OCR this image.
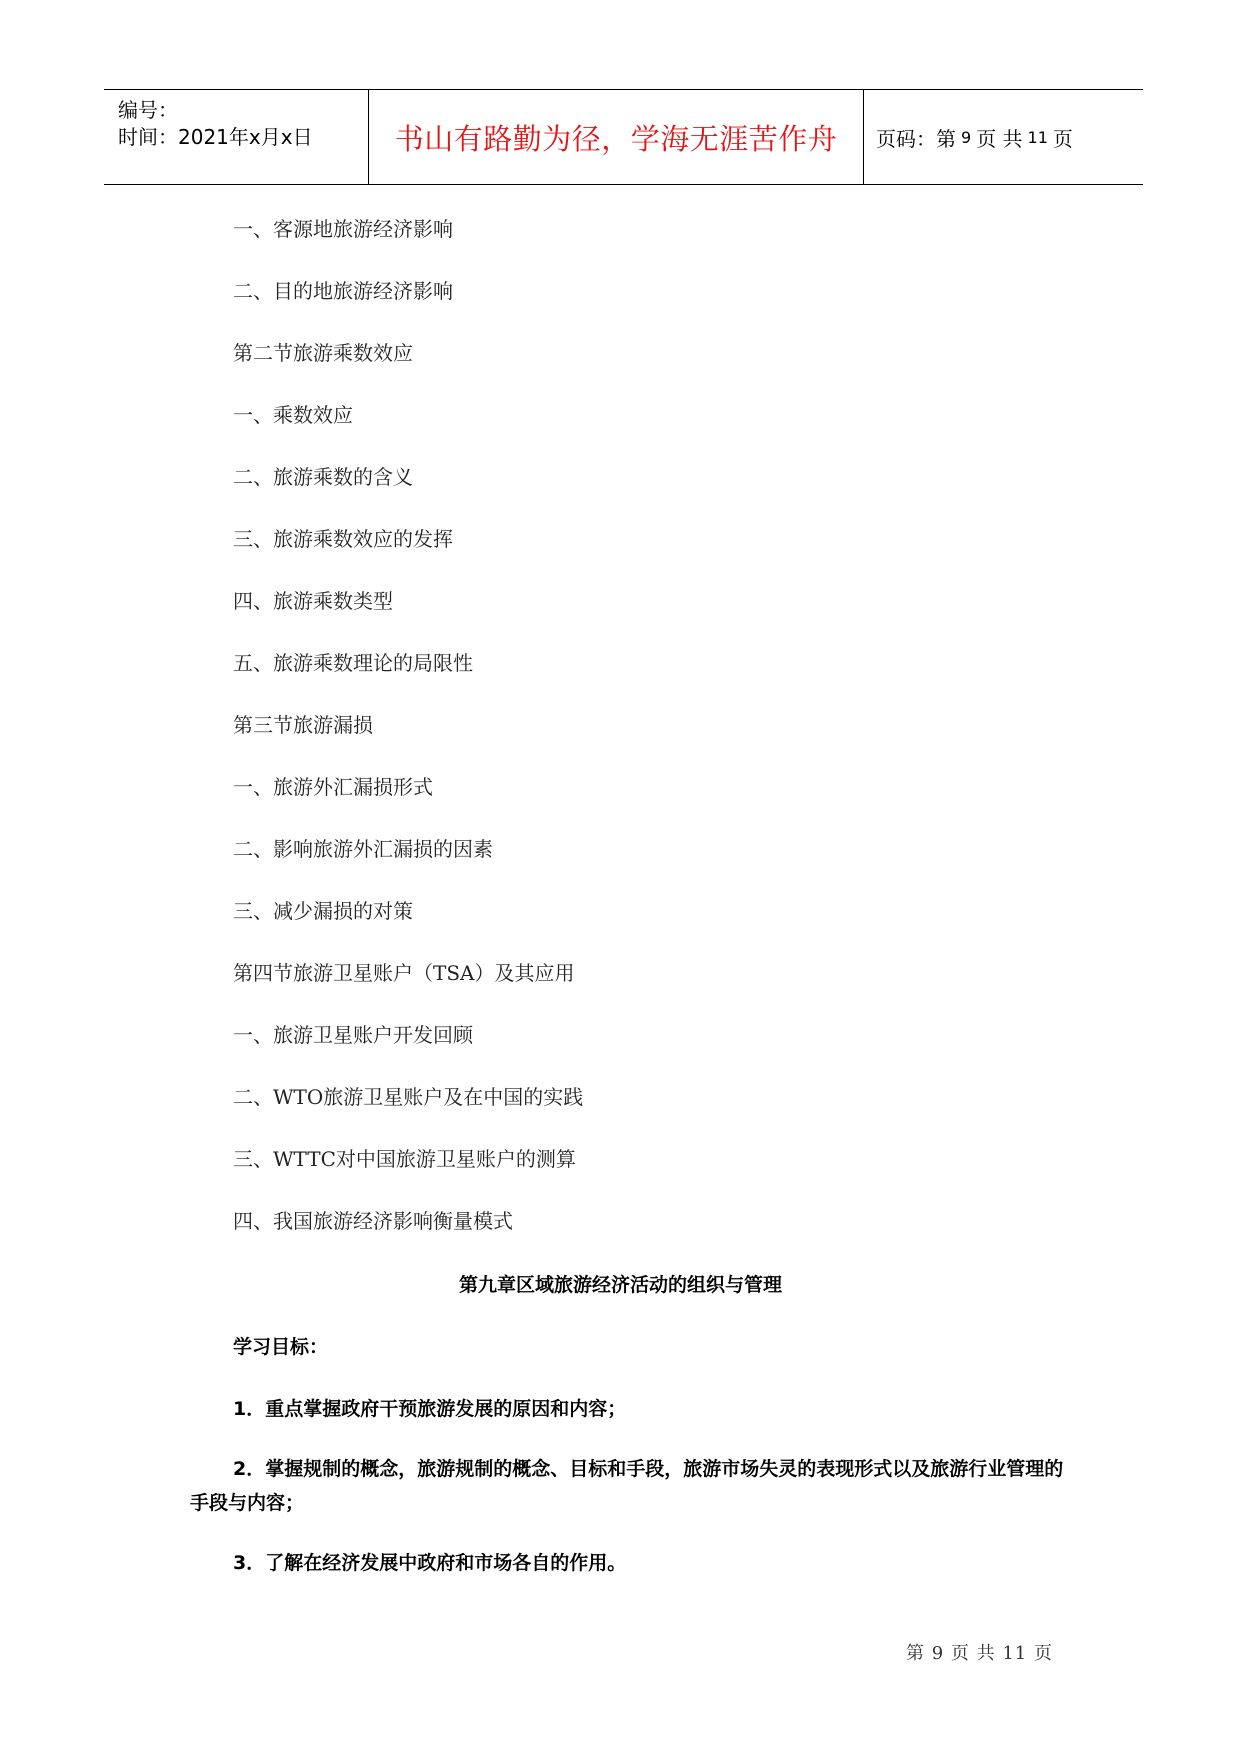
编号：
时间：2021年x月x日	书山有路勤为径，学海无涯苦作舟 页码：第 9 页 共 11 页
一、客源地旅游经济影响
二、目的地旅游经济影响
第二节旅游乘数效应
一、乘数效应
二、旅游乘数的含义
三、旅游乘数效应的发挥
四、旅游乘数类型
五、旅游乘数理论的局限性
第三节旅游漏损
一、旅游外汇漏损形式
二、影响旅游外汇漏损的因素
三、减少漏损的对策
第四节旅游卫星账户（TSA）及其应用
一、旅游卫星账户开发回顾
二、WTO旅游卫星账户及在中国的实践
三、WTTC对中国旅游卫星账户的测算
四、我国旅游经济影响衡量模式
第九章区域旅游经济活动的组织与管理
学习目标：
1．重点掌握政府干预旅游发展的原因和内容；
2．掌握规制的概念，旅游规制的概念、目标和手段，旅游市场失灵的表现形式以及旅游行业管理的手段与内容；
3．了解在经济发展中政府和市场各自的作用。
第 9 页 共 11 页
